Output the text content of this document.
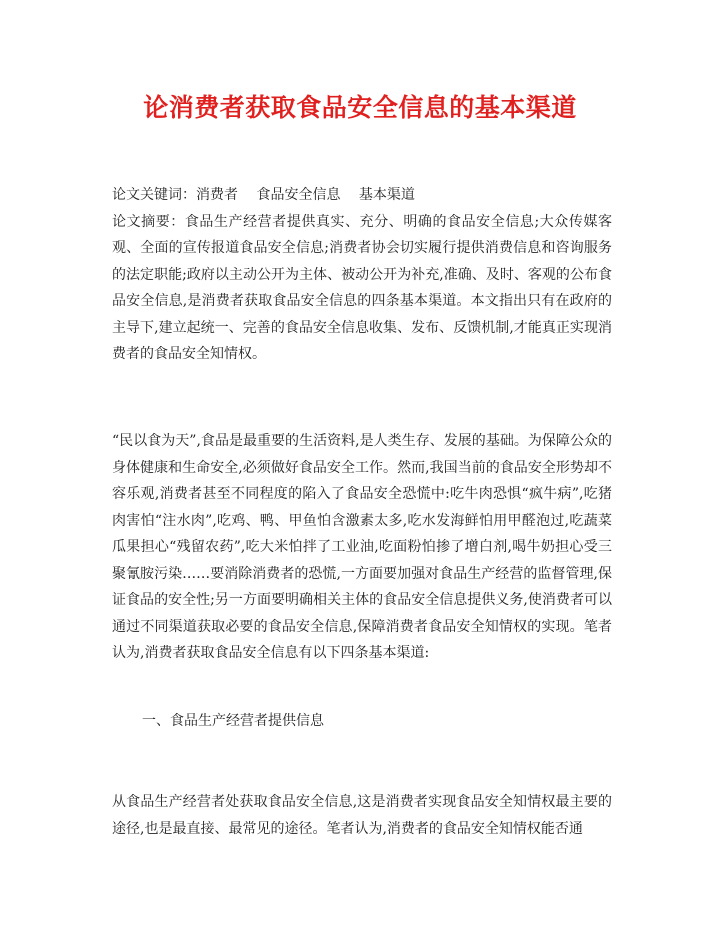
论消费者获取食品安全信息的基本渠道
论文关键词：消费者　 食品安全信息　 基本渠道
论文摘要：食品生产经营者提供真实、充分、明确的食品安全信息;大众传媒客观、全面的宣传报道食品安全信息;消费者协会切实履行提供消费信息和咨询服务的法定职能;政府以主动公开为主体、被动公开为补充,准确、及时、客观的公布食品安全信息,是消费者获取食品安全信息的四条基本渠道。本文指出只有在政府的主导下,建立起统一、完善的食品安全信息收集、发布、反馈机制,才能真正实现消费者的食品安全知情权。
“民以食为天”,食品是最重要的生活资料,是人类生存、发展的基础。为保障公众的身体健康和生命安全,必须做好食品安全工作。然而,我国当前的食品安全形势却不容乐观,消费者甚至不同程度的陷入了食品安全恐慌中:吃牛肉恐惧“疯牛病”,吃猪肉害怕“注水肉”,吃鸡、鸭、甲鱼怕含激素太多,吃水发海鲜怕用甲醛泡过,吃蔬菜瓜果担心“残留农药”,吃大米怕拌了工业油,吃面粉怕掺了增白剂,喝牛奶担心受三聚氰胺污染……要消除消费者的恐慌,一方面要加强对食品生产经营的监督管理,保证食品的安全性;另一方面要明确相关主体的食品安全信息提供义务,使消费者可以通过不同渠道获取必要的食品安全信息,保障消费者食品安全知情权的实现。笔者认为,消费者获取食品安全信息有以下四条基本渠道:
一、食品生产经营者提供信息
从食品生产经营者处获取食品安全信息,这是消费者实现食品安全知情权最主要的途径,也是最直接、最常见的途径。笔者认为,消费者的食品安全知情权能否通
